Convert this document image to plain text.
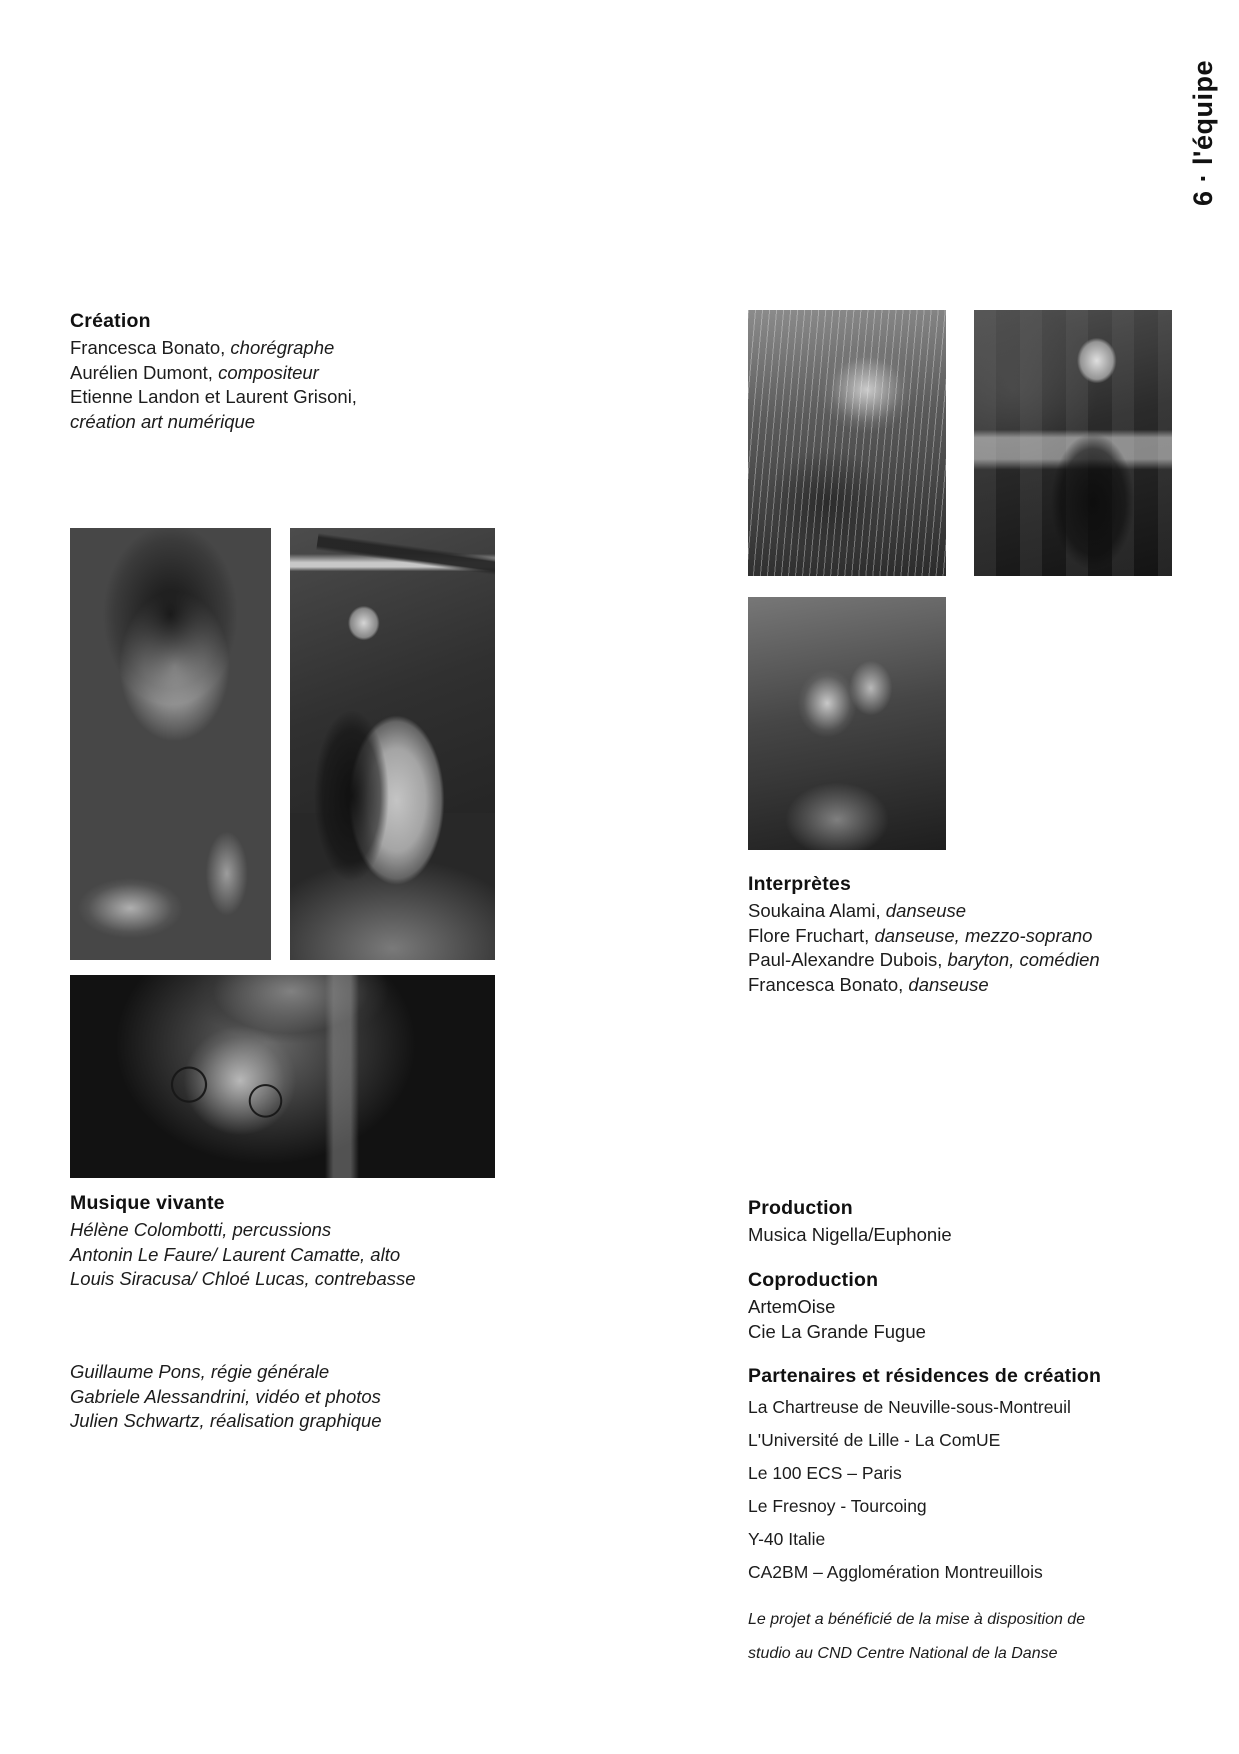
6 · l'équipe
Création
Francesca Bonato, chorégraphe
Aurélien Dumont, compositeur
Etienne Landon et Laurent Grisoni,
création art numérique
Musique vivante
Hélène Colombotti, percussions
Antonin Le Faure/ Laurent Camatte, alto
Louis Siracusa/ Chloé Lucas, contrebasse
Guillaume Pons, régie générale
Gabriele Alessandrini, vidéo et photos
Julien Schwartz, réalisation graphique
Interprètes
Soukaina Alami, danseuse
Flore Fruchart, danseuse, mezzo-soprano
Paul-Alexandre Dubois, baryton, comédien
Francesca Bonato, danseuse
Production
Musica Nigella/Euphonie
Coproduction
ArtemOise
Cie La Grande Fugue
Partenaires et résidences de création
La Chartreuse de Neuville-sous-Montreuil
L'Université de Lille - La ComUE
Le 100 ECS – Paris
Le Fresnoy - Tourcoing
Y-40 Italie
CA2BM – Agglomération Montreuillois
Le projet a bénéficié de la mise à disposition de
studio au CND Centre National de la Danse
